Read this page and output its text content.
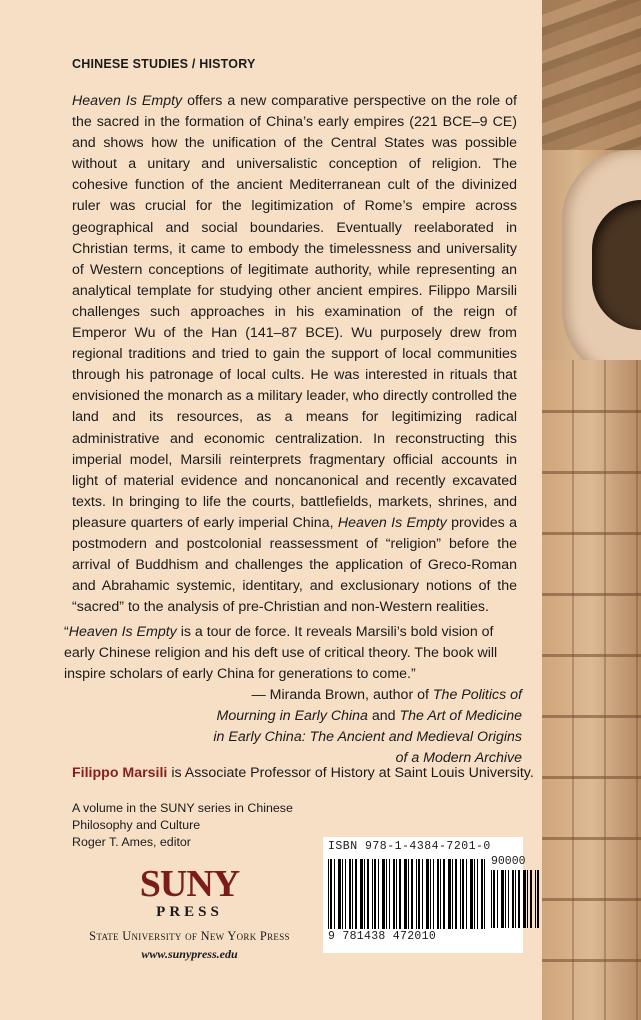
CHINESE STUDIES / HISTORY

Heaven Is Empty offers a new comparative perspective on the role of the sacred in the formation of China’s early empires (221 BCE–9 CE) and shows how the unification of the Central States was possible without a unitary and universalistic conception of religion. The cohesive function of the ancient Mediterranean cult of the divinized ruler was crucial for the legitimization of Rome’s empire across geographical and social boundaries. Eventually reelaborated in Christian terms, it came to embody the timelessness and universality of Western conceptions of legitimate authority, while representing an analytical template for studying other ancient empires. Filippo Marsili challenges such approaches in his examination of the reign of Emperor Wu of the Han (141–87 BCE). Wu purposely drew from regional traditions and tried to gain the support of local communities through his patronage of local cults. He was interested in rituals that envisioned the monarch as a military leader, who directly controlled the land and its resources, as a means for legitimizing radical administrative and economic centralization. In reconstructing this imperial model, Marsili reinterprets fragmentary official accounts in light of material evidence and noncanonical and recently excavated texts. In bringing to life the courts, battlefields, markets, shrines, and pleasure quarters of early imperial China, Heaven Is Empty provides a postmodern and postcolonial reassessment of “religion” before the arrival of Buddhism and challenges the application of Greco-Roman and Abrahamic systemic, identitary, and exclusionary notions of the “sacred” to the analysis of pre-Christian and non-Western realities.

“Heaven Is Empty is a tour de force. It reveals Marsili’s bold vision of early Chinese religion and his deft use of critical theory. The book will inspire scholars of early China for generations to come.”

— Miranda Brown, author of The Politics of Mourning in Early China and The Art of Medicine in Early China: The Ancient and Medieval Origins of a Modern Archive

Filippo Marsili is Associate Professor of History at Saint Louis University.

A volume in the SUNY series in Chinese Philosophy and Culture
Roger T. Ames, editor

SUNY
PRESS
State University of New York Press
www.sunypress.edu
ISBN 978-1-4384-7201-0
90000
9 781438 472010
